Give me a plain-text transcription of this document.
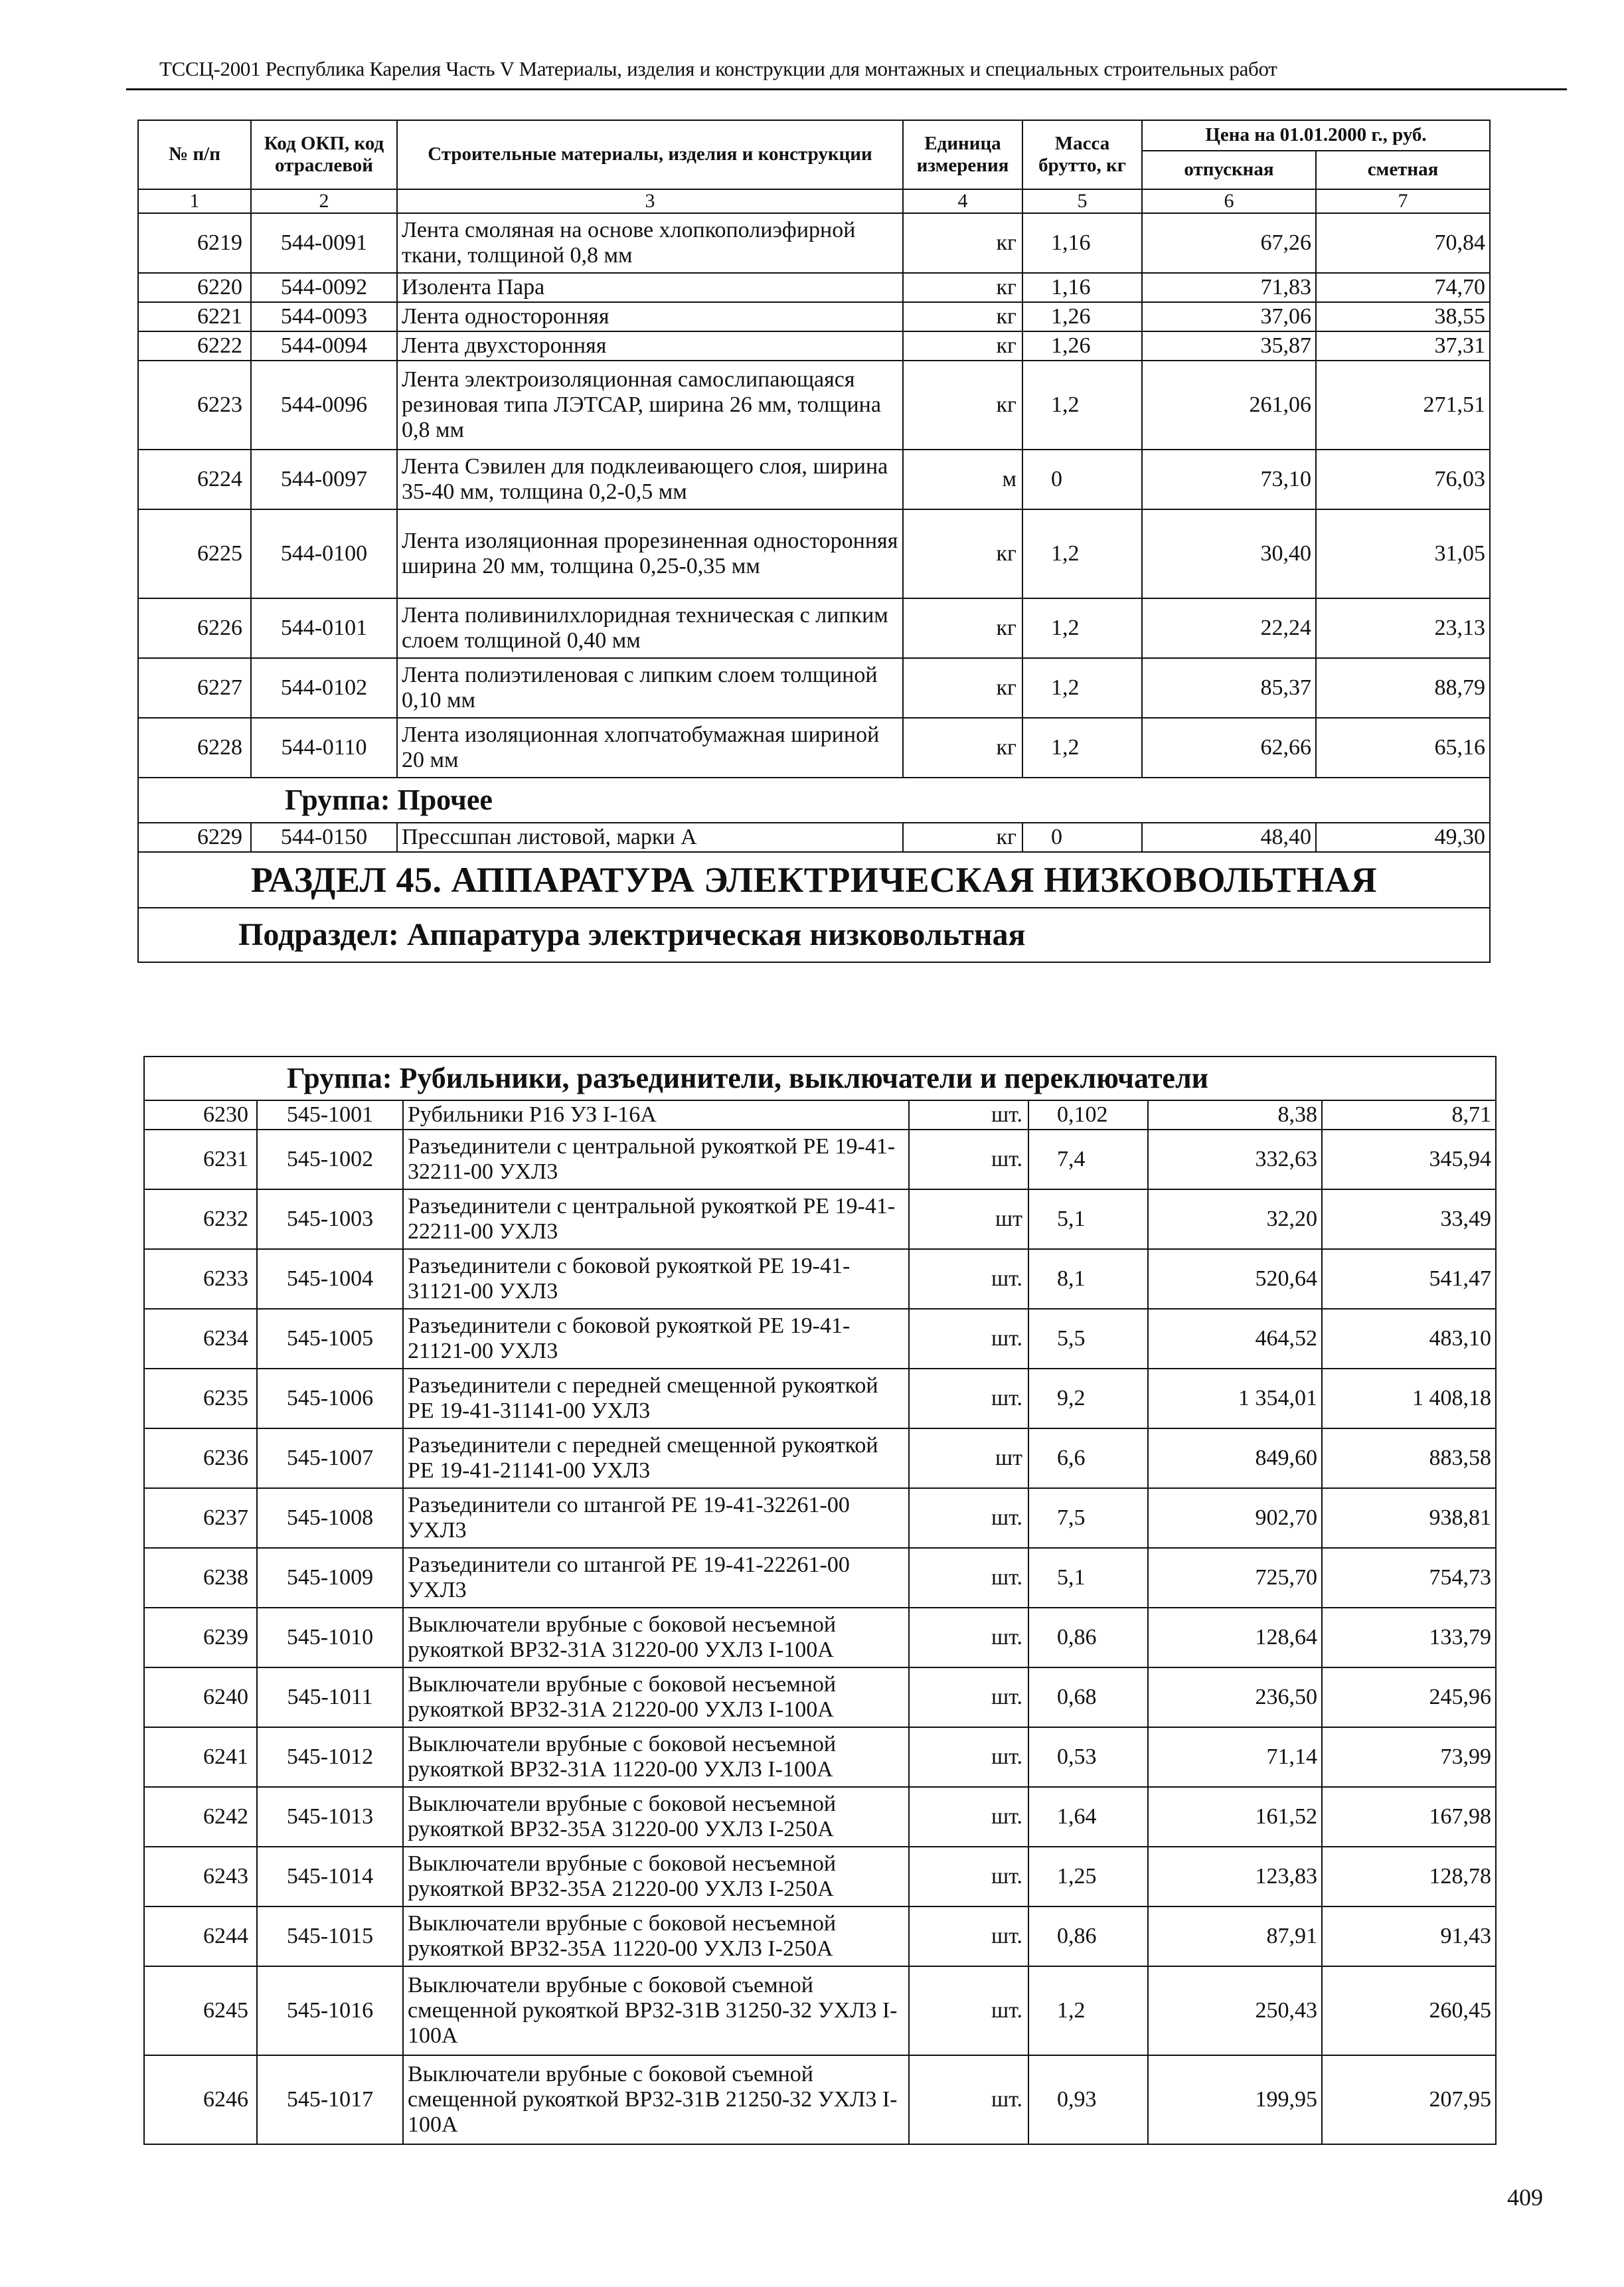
ТССЦ-2001 Республика Карелия Часть V Материалы, изделия и конструкции для монтажных и специальных строительных работ
№ п/п	Код ОКП, код отраслевой	Строительные материалы, изделия и конструкции	Единица измерения	Масса брутто, кг	Цена на 01.01.2000 г., руб.	
					отпускная	сметная
1	2	3	4	5	6	7
6219	544-0091	Лента смоляная на основе хлопкополиэфирной ткани, толщиной 0,8 мм	кг	1,16	67,26	70,84
6220	544-0092	Изолента Пара	кг	1,16	71,83	74,70
6221	544-0093	Лента односторонняя	кг	1,26	37,06	38,55
6222	544-0094	Лента двухсторонняя	кг	1,26	35,87	37,31
6223	544-0096	Лента электроизоляционная самослипающаяся резиновая типа ЛЭТСАР, ширина 26 мм, толщина 0,8 мм	кг	1,2	261,06	271,51
6224	544-0097	Лента Сэвилен для подклеивающего слоя, ширина 35-40 мм, толщина 0,2-0,5 мм	м	0	73,10	76,03
6225	544-0100	Лента изоляционная прорезиненная односторонняя ширина 20 мм, толщина 0,25-0,35 мм	кг	1,2	30,40	31,05
6226	544-0101	Лента поливинилхлоридная техническая с липким слоем толщиной 0,40 мм	кг	1,2	22,24	23,13
6227	544-0102	Лента полиэтиленовая с липким слоем толщиной 0,10 мм	кг	1,2	85,37	88,79
6228	544-0110	Лента изоляционная хлопчатобумажная шириной 20 мм	кг	1,2	62,66	65,16
Группа: Прочее						
6229	544-0150	Прессшпан листовой, марки А	кг	0	48,40	49,30
РАЗДЕЛ 45. АППАРАТУРА ЭЛЕКТРИЧЕСКАЯ НИЗКОВОЛЬТНАЯ						
Подраздел: Аппаратура электрическая низковольтная						
Группа: Рубильники, разъединители, выключатели и переключатели						
6230	545-1001	Рубильники Р16 УЗ I-16А	шт.	0,102	8,38	8,71
6231	545-1002	Разъединители с центральной рукояткой РЕ 19-41-32211-00 УХЛ3	шт.	7,4	332,63	345,94
6232	545-1003	Разъединители с центральной рукояткой РЕ 19-41-22211-00 УХЛ3	шт	5,1	32,20	33,49
6233	545-1004	Разъединители с боковой рукояткой РЕ 19-41-31121-00 УХЛ3	шт.	8,1	520,64	541,47
6234	545-1005	Разъединители с боковой рукояткой РЕ 19-41-21121-00 УХЛ3	шт.	5,5	464,52	483,10
6235	545-1006	Разъединители с передней смещенной рукояткой РЕ 19-41-31141-00 УХЛ3	шт.	9,2	1 354,01	1 408,18
6236	545-1007	Разъединители с передней смещенной рукояткой РЕ 19-41-21141-00 УХЛ3	шт	6,6	849,60	883,58
6237	545-1008	Разъединители со штангой РЕ 19-41-32261-00 УХЛ3	шт.	7,5	902,70	938,81
6238	545-1009	Разъединители со штангой РЕ 19-41-22261-00 УХЛ3	шт.	5,1	725,70	754,73
6239	545-1010	Выключатели врубные с боковой несъемной рукояткой ВР32-31А 31220-00 УХЛ3 I-100А	шт.	0,86	128,64	133,79
6240	545-1011	Выключатели врубные с боковой несъемной рукояткой ВР32-31А 21220-00 УХЛ3 I-100А	шт.	0,68	236,50	245,96
6241	545-1012	Выключатели врубные с боковой несъемной рукояткой ВР32-31А 11220-00 УХЛ3 I-100А	шт.	0,53	71,14	73,99
6242	545-1013	Выключатели врубные с боковой несъемной рукояткой ВР32-35А 31220-00 УХЛ3 I-250А	шт.	1,64	161,52	167,98
6243	545-1014	Выключатели врубные с боковой несъемной рукояткой ВР32-35А 21220-00 УХЛ3 I-250А	шт.	1,25	123,83	128,78
6244	545-1015	Выключатели врубные с боковой несъемной рукояткой ВР32-35А 11220-00 УХЛ3 I-250А	шт.	0,86	87,91	91,43
6245	545-1016	Выключатели врубные с боковой съемной смещенной рукояткой ВР32-31В 31250-32 УХЛ3 I-100А	шт.	1,2	250,43	260,45
6246	545-1017	Выключатели врубные с боковой съемной смещенной рукояткой ВР32-31В 21250-32 УХЛ3 I-100А	шт.	0,93	199,95	207,95
409
